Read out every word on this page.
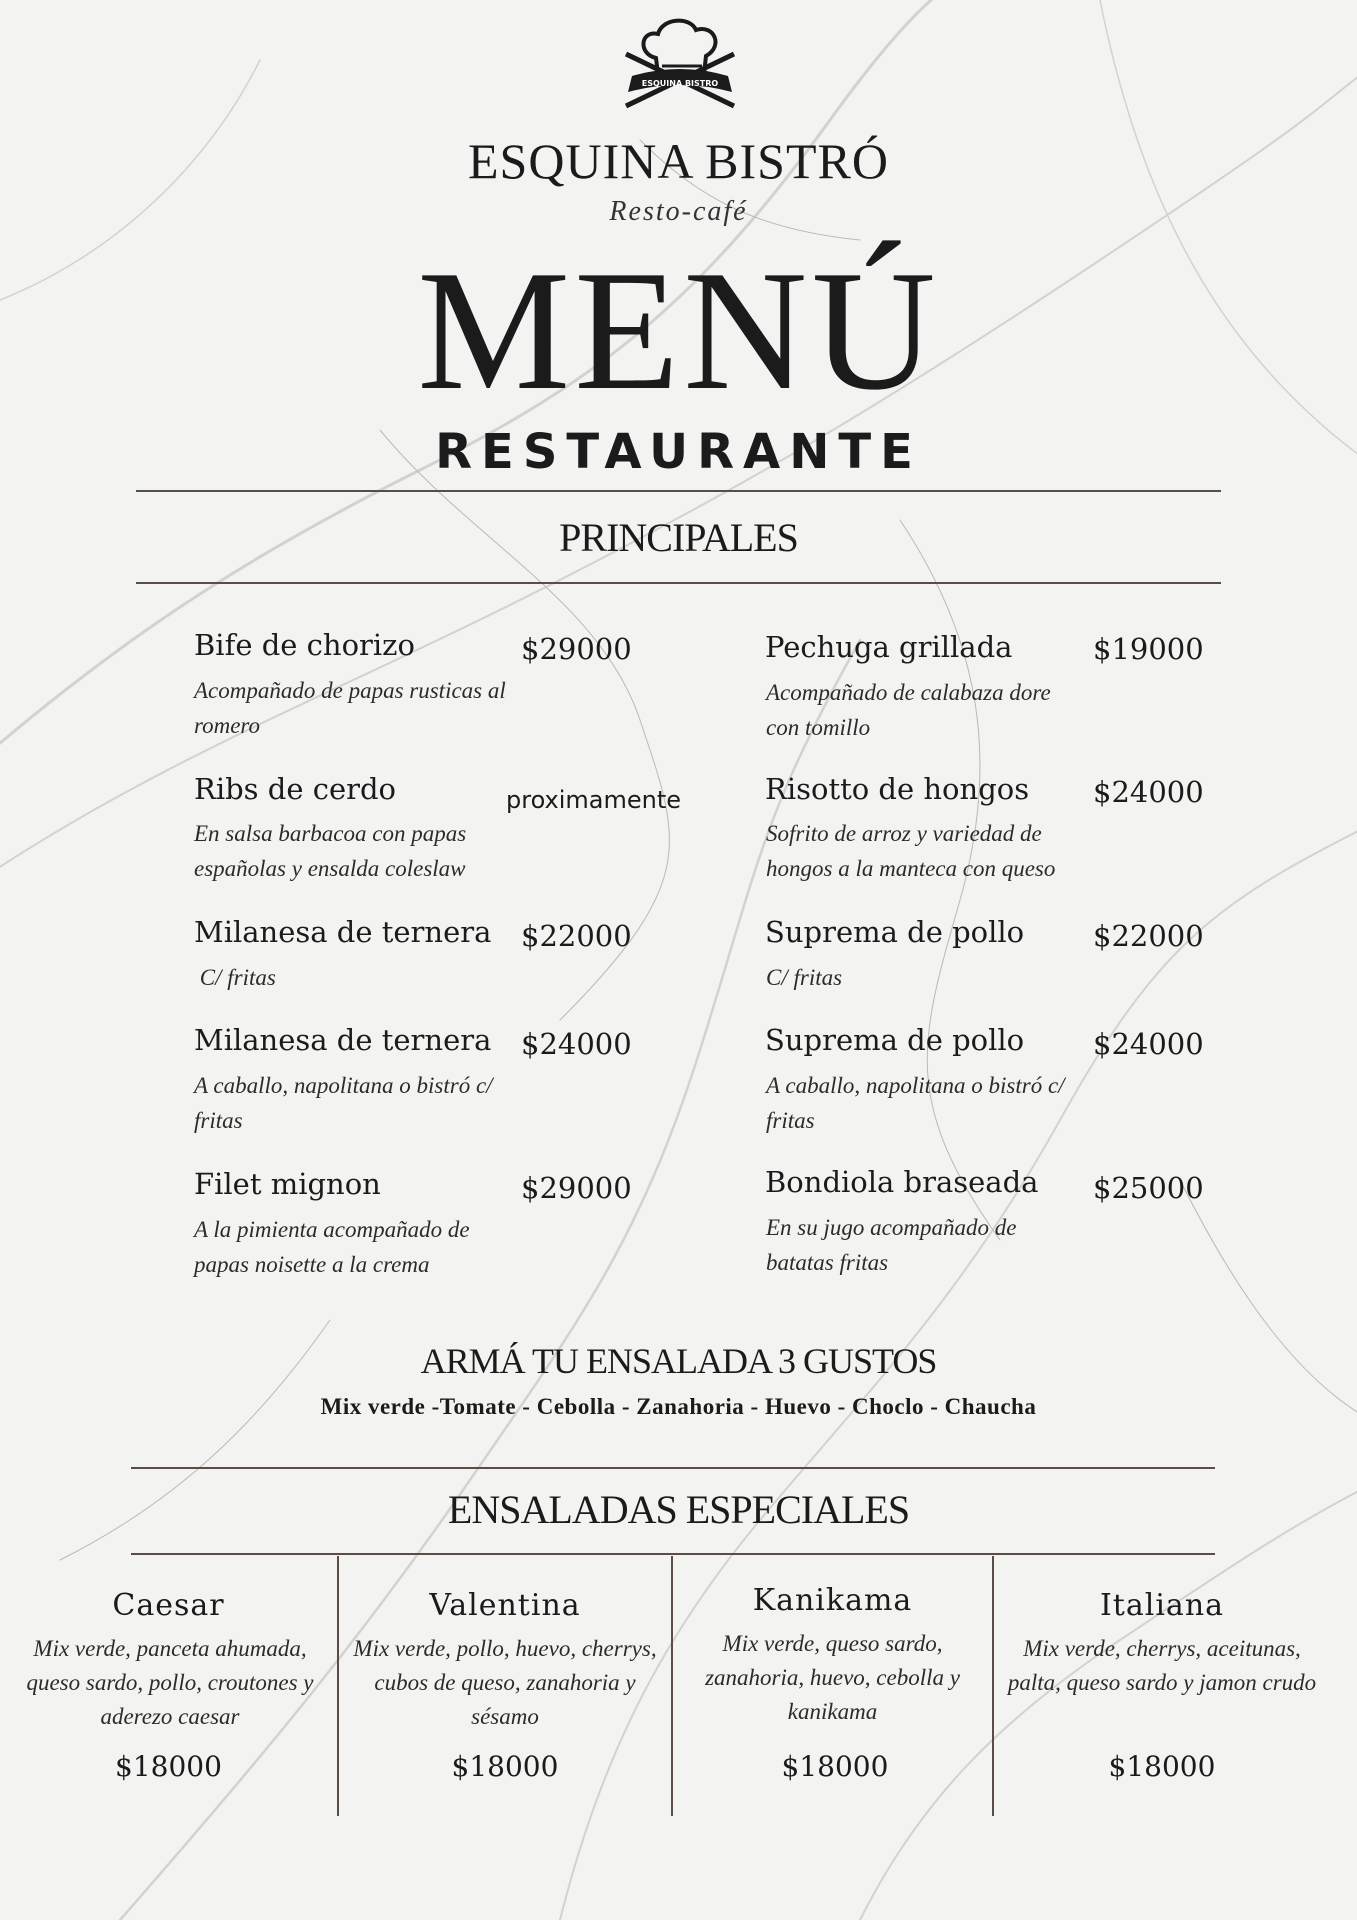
ESQUINA BISTRO
ESQUINA BISTRÓ
Resto-café
MENÚ
RESTAURANTE
PRINCIPALES
Bife de chorizo	$29000
Acompañado de papas rusticas al romero
Ribs de cerdo	proximamente
En salsa barbacoa con papas españolas y ensalda coleslaw
Milanesa de ternera $22000
C/ fritas
Milanesa de ternera $24000
A caballo, napolitana o bistró c/ fritas
Filet mignon	$29000
A la pimienta acompañado de papas noisette a la crema
Pechuga grillada	$19000
Acompañado de calabaza dore con tomillo
Risotto de hongos $24000
Sofrito de arroz y variedad de hongos a la manteca con queso
Suprema de pollo $22000
C/ fritas
Suprema de pollo $24000
A caballo, napolitana o bistró c/ fritas
Bondiola braseada $25000
En su jugo acompañado de batatas fritas
ARMÁ TU ENSALADA 3 GUSTOS
Mix verde -Tomate - Cebolla - Zanahoria - Huevo - Choclo - Chaucha
ENSALADAS ESPECIALES
Caesar
Mix verde, panceta ahumada, queso sardo, pollo, croutones y aderezo caesar
$18000
Valentina
Mix verde, pollo, huevo, cherrys, cubos de queso, zanahoria y sésamo
$18000
Kanikama
Mix verde, queso sardo, zanahoria, huevo, cebolla y kanikama
$18000
Italiana
Mix verde, cherrys, aceitunas, palta, queso sardo y jamon crudo
$18000
